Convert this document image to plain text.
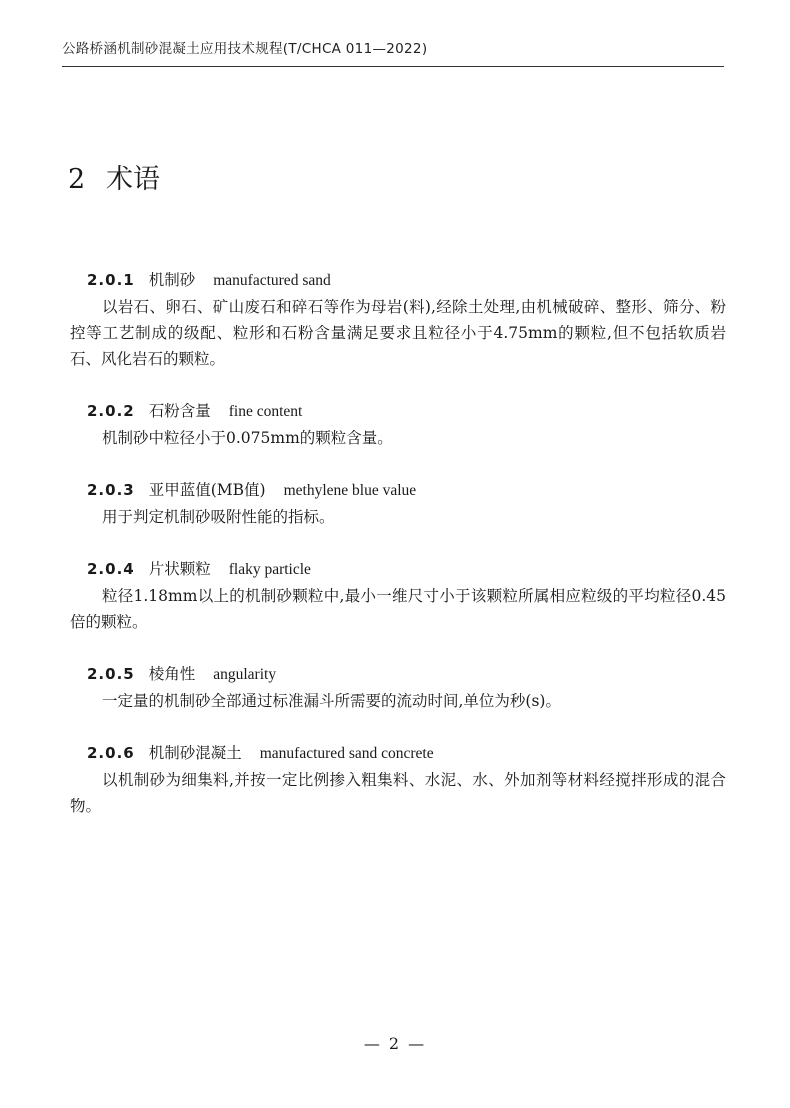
公路桥涵机制砂混凝土应用技术规程(T/CHCA 011—2022)
2 术语
2.0.1 机制砂 manufactured sand

以岩石、卵石、矿山废石和碎石等作为母岩(料),经除土处理,由机械破碎、整形、筛分、粉控等工艺制成的级配、粒形和石粉含量满足要求且粒径小于4.75mm的颗粒,但不包括软质岩石、风化岩石的颗粒。

2.0.2 石粉含量 fine content

机制砂中粒径小于0.075mm的颗粒含量。

2.0.3 亚甲蓝值(MB值) methylene blue value

用于判定机制砂吸附性能的指标。

2.0.4 片状颗粒 flaky particle

粒径1.18mm以上的机制砂颗粒中,最小一维尺寸小于该颗粒所属相应粒级的平均粒径0.45倍的颗粒。

2.0.5 棱角性 angularity

一定量的机制砂全部通过标准漏斗所需要的流动时间,单位为秒(s)。

2.0.6 机制砂混凝土 manufactured sand concrete

以机制砂为细集料,并按一定比例掺入粗集料、水泥、水、外加剂等材料经搅拌形成的混合物。

— 2 —
